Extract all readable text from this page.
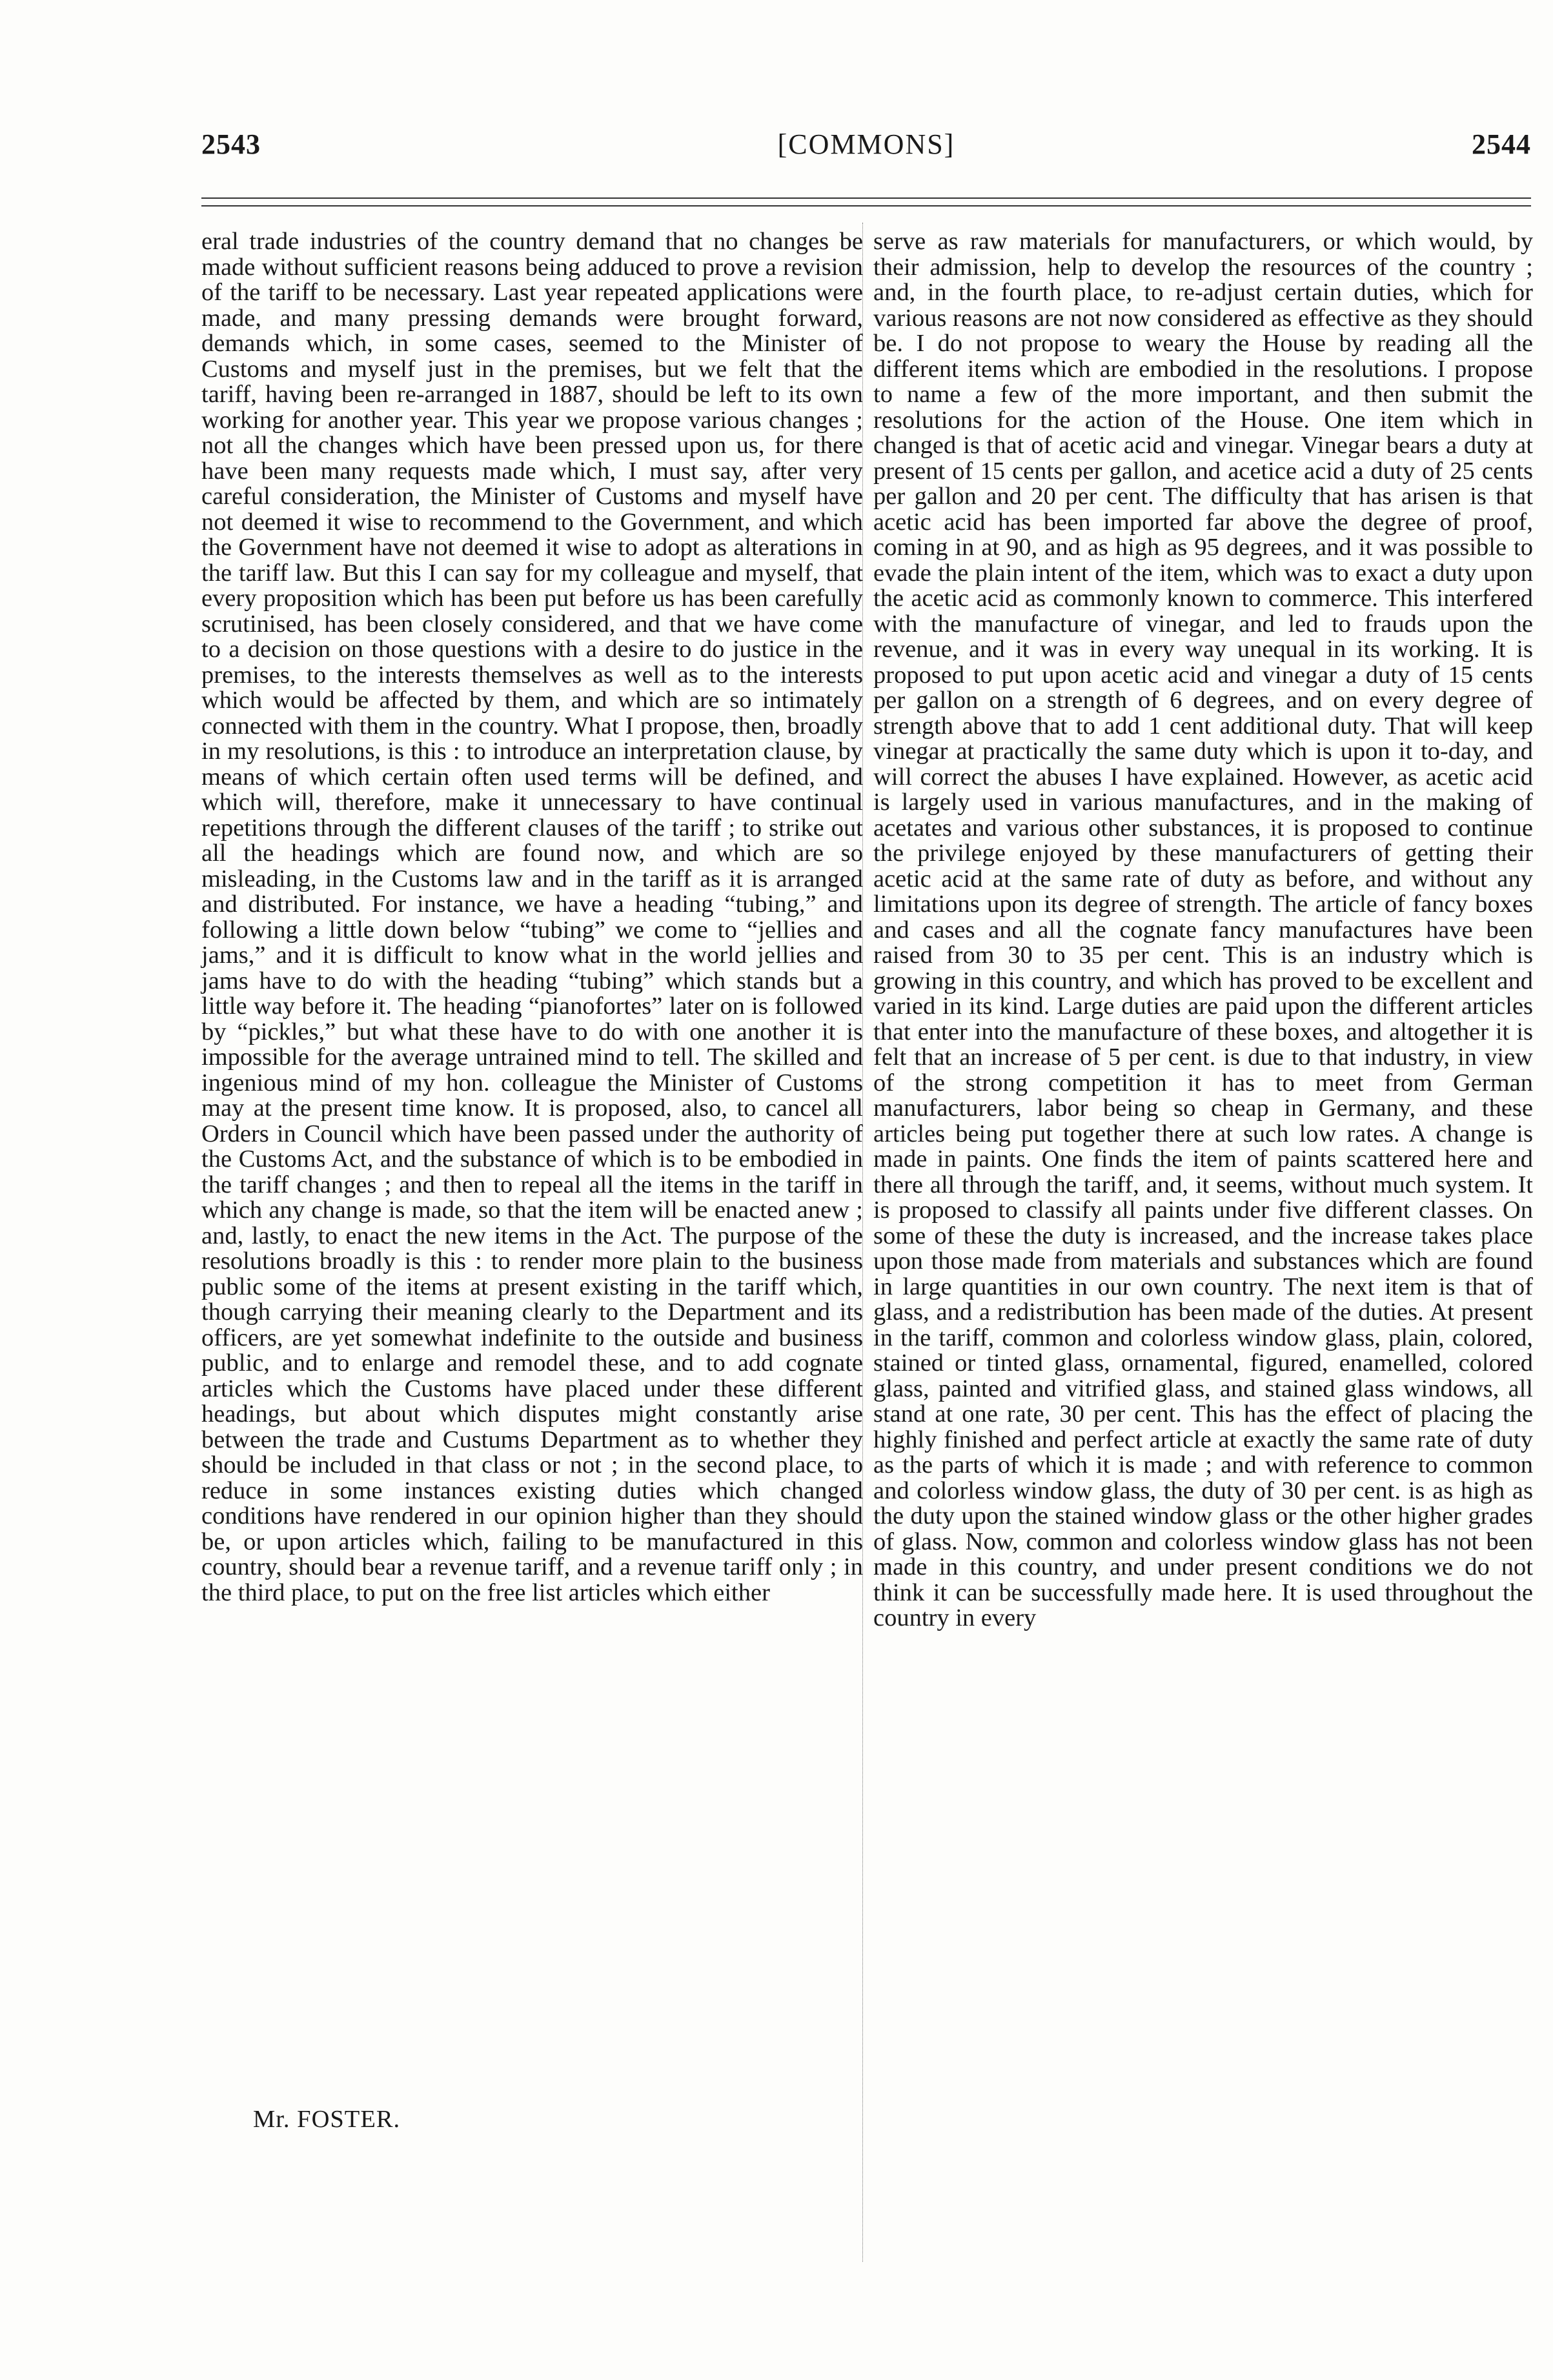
2543	[COMMONS]	2544

eral trade industries of the country demand that no changes be made without sufficient reasons being adduced to prove a revision of the tariff to be necessary. Last year repeated applications were made, and many pressing demands were brought forward, demands which, in some cases, seemed to the Minister of Customs and myself just in the premises, but we felt that the tariff, having been re-arranged in 1887, should be left to its own working for another year. This year we propose various changes ; not all the changes which have been pressed upon us, for there have been many requests made which, I must say, after very careful consideration, the Minister of Customs and myself have not deemed it wise to recommend to the Government, and which the Government have not deemed it wise to adopt as alterations in the tariff law. But this I can say for my colleague and myself, that every proposition which has been put before us has been carefully scrutinised, has been closely considered, and that we have come to a decision on those questions with a desire to do justice in the premises, to the interests themselves as well as to the interests which would be affected by them, and which are so intimately connected with them in the country. What I propose, then, broadly in my resolutions, is this : to introduce an interpretation clause, by means of which certain often used terms will be defined, and which will, therefore, make it unnecessary to have continual repetitions through the different clauses of the tariff ; to strike out all the headings which are found now, and which are so misleading, in the Customs law and in the tariff as it is arranged and distributed. For instance, we have a heading “tubing,” and following a little down below “tubing” we come to “jellies and jams,” and it is difficult to know what in the world jellies and jams have to do with the heading “tubing” which stands but a little way before it. The heading “pianofortes” later on is followed by “pickles,” but what these have to do with one another it is impossible for the average untrained mind to tell. The skilled and ingenious mind of my hon. colleague the Minister of Customs may at the present time know. It is proposed, also, to cancel all Orders in Council which have been passed under the authority of the Customs Act, and the substance of which is to be embodied in the tariff changes ; and then to repeal all the items in the tariff in which any change is made, so that the item will be enacted anew ; and, lastly, to enact the new items in the Act. The purpose of the resolutions broadly is this : to render more plain to the business public some of the items at present existing in the tariff which, though carrying their meaning clearly to the Department and its officers, are yet somewhat indefinite to the outside and business public, and to enlarge and remodel these, and to add cognate articles which the Customs have placed under these different headings, but about which disputes might constantly arise between the trade and Custums Department as to whether they should be included in that class or not ; in the second place, to reduce in some instances existing duties which changed conditions have rendered in our opinion higher than they should be, or upon articles which, failing to be manufactured in this country, should bear a revenue tariff, and a revenue tariff only ; in the third place, to put on the free list articles which either

serve as raw materials for manufacturers, or which would, by their admission, help to develop the resources of the country ; and, in the fourth place, to re-adjust certain duties, which for various reasons are not now considered as effective as they should be. I do not propose to weary the House by reading all the different items which are embodied in the resolutions. I propose to name a few of the more important, and then submit the resolutions for the action of the House. One item which in changed is that of acetic acid and vinegar. Vinegar bears a duty at present of 15 cents per gallon, and acetice acid a duty of 25 cents per gallon and 20 per cent. The difficulty that has arisen is that acetic acid has been imported far above the degree of proof, coming in at 90, and as high as 95 degrees, and it was possible to evade the plain intent of the item, which was to exact a duty upon the acetic acid as commonly known to commerce. This interfered with the manufacture of vinegar, and led to frauds upon the revenue, and it was in every way unequal in its working. It is proposed to put upon acetic acid and vinegar a duty of 15 cents per gallon on a strength of 6 degrees, and on every degree of strength above that to add 1 cent additional duty. That will keep vinegar at practically the same duty which is upon it to-day, and will correct the abuses I have explained. However, as acetic acid is largely used in various manufactures, and in the making of acetates and various other substances, it is proposed to continue the privilege enjoyed by these manufacturers of getting their acetic acid at the same rate of duty as before, and without any limitations upon its degree of strength. The article of fancy boxes and cases and all the cognate fancy manufactures have been raised from 30 to 35 per cent. This is an industry which is growing in this country, and which has proved to be excellent and varied in its kind. Large duties are paid upon the different articles that enter into the manufacture of these boxes, and altogether it is felt that an increase of 5 per cent. is due to that industry, in view of the strong competition it has to meet from German manufacturers, labor being so cheap in Germany, and these articles being put together there at such low rates. A change is made in paints. One finds the item of paints scattered here and there all through the tariff, and, it seems, without much system. It is proposed to classify all paints under five different classes. On some of these the duty is increased, and the increase takes place upon those made from materials and substances which are found in large quantities in our own country. The next item is that of glass, and a redistribution has been made of the duties. At present in the tariff, common and colorless window glass, plain, colored, stained or tinted glass, ornamental, figured, enamelled, colored glass, painted and vitrified glass, and stained glass windows, all stand at one rate, 30 per cent. This has the effect of placing the highly finished and perfect article at exactly the same rate of duty as the parts of which it is made ; and with reference to common and colorless window glass, the duty of 30 per cent. is as high as the duty upon the stained window glass or the other higher grades of glass. Now, common and colorless window glass has not been made in this country, and under present conditions we do not think it can be successfully made here. It is used throughout the country in every

Mr. FOSTER.
